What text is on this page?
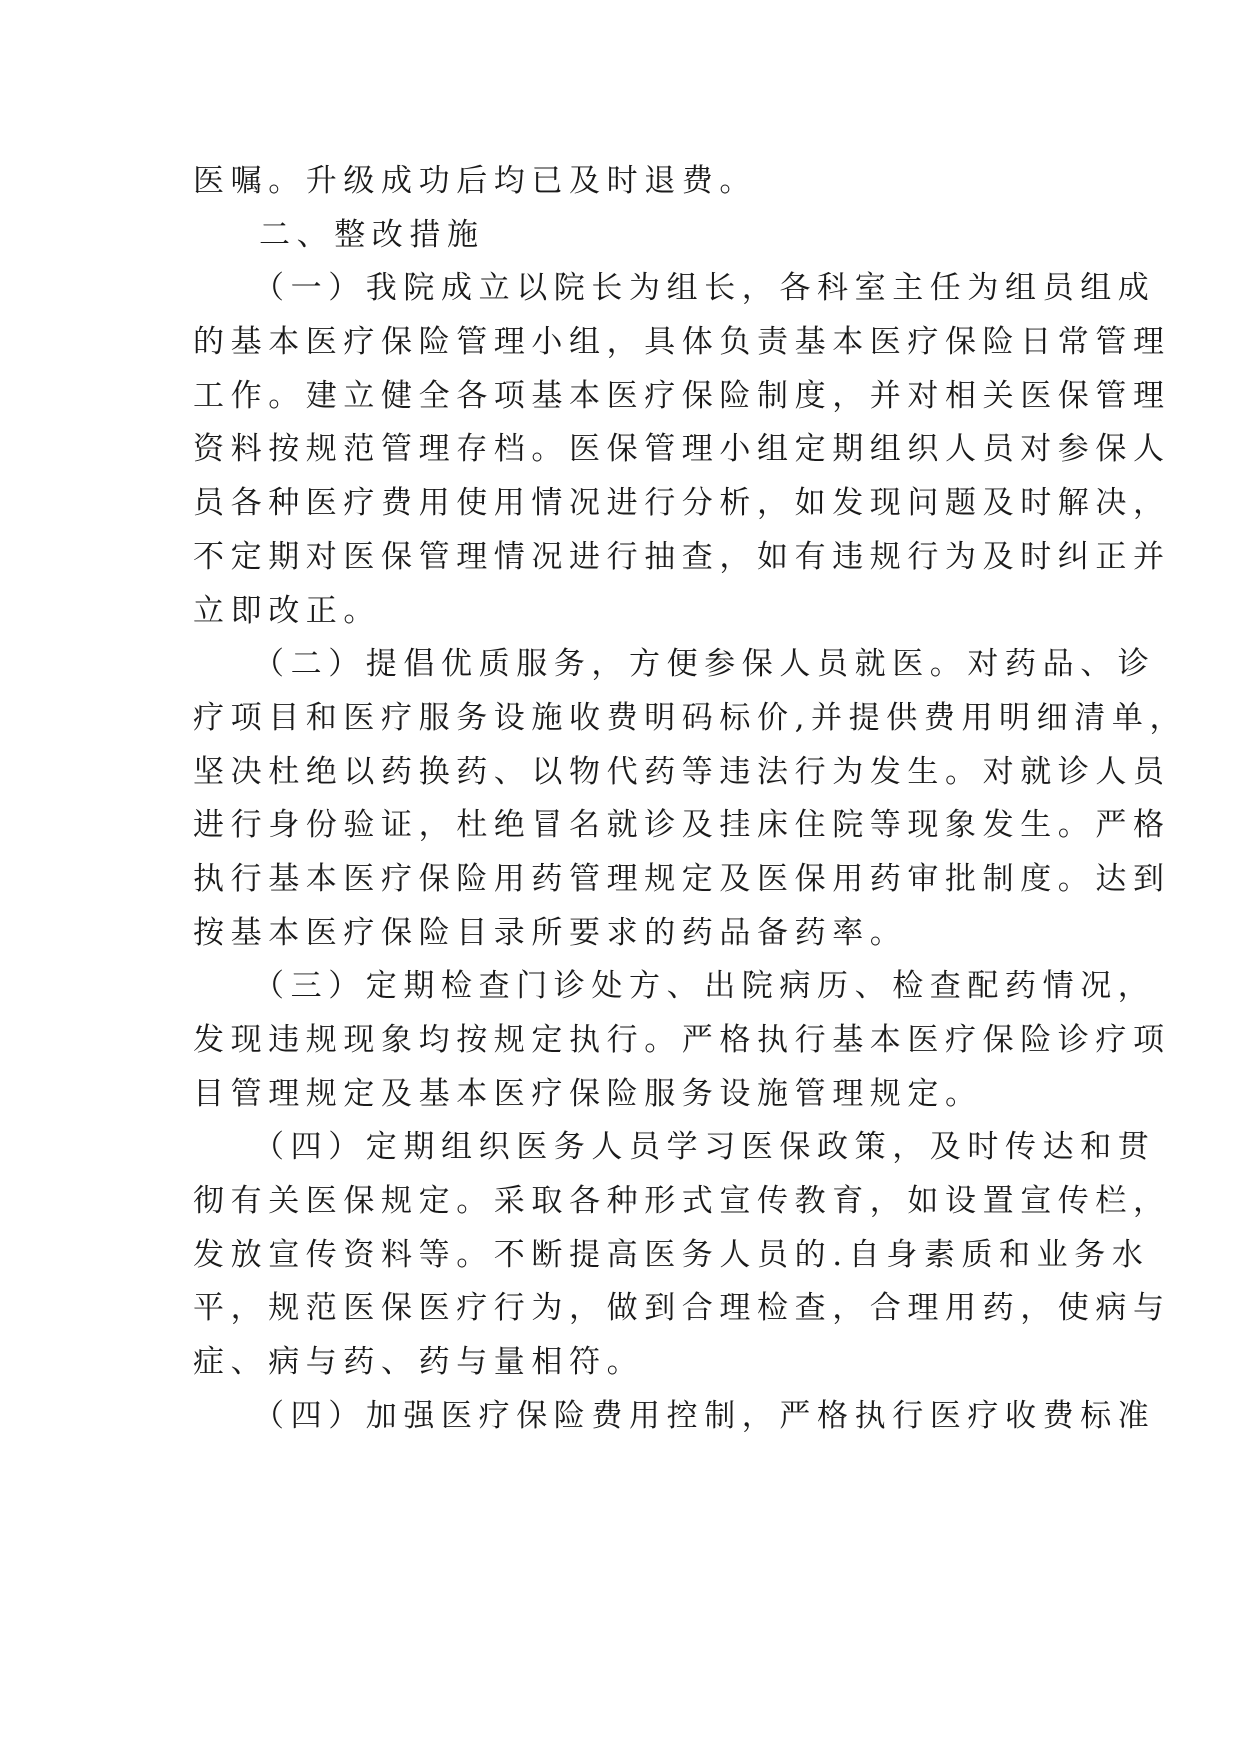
医嘱。升级成功后均已及时退费。
二、整改措施
（一）我院成立以院长为组长，各科室主任为组员组成
的基本医疗保险管理小组，具体负责基本医疗保险日常管理
工作。建立健全各项基本医疗保险制度，并对相关医保管理
资料按规范管理存档。医保管理小组定期组织人员对参保人
员各种医疗费用使用情况进行分析，如发现问题及时解决，
不定期对医保管理情况进行抽查，如有违规行为及时纠正并
立即改正。
（二）提倡优质服务，方便参保人员就医。对药品、诊
疗项目和医疗服务设施收费明码标价,并提供费用明细清单，
坚决杜绝以药换药、以物代药等违法行为发生。对就诊人员
进行身份验证，杜绝冒名就诊及挂床住院等现象发生。严格
执行基本医疗保险用药管理规定及医保用药审批制度。达到
按基本医疗保险目录所要求的药品备药率。
（三）定期检查门诊处方、出院病历、检查配药情况，
发现违规现象均按规定执行。严格执行基本医疗保险诊疗项
目管理规定及基本医疗保险服务设施管理规定。
（四）定期组织医务人员学习医保政策，及时传达和贯
彻有关医保规定。采取各种形式宣传教育，如设置宣传栏，
发放宣传资料等。不断提高医务人员的.自身素质和业务水
平，规范医保医疗行为，做到合理检查，合理用药，使病与
症、病与药、药与量相符。
（四）加强医疗保险费用控制，严格执行医疗收费标准
